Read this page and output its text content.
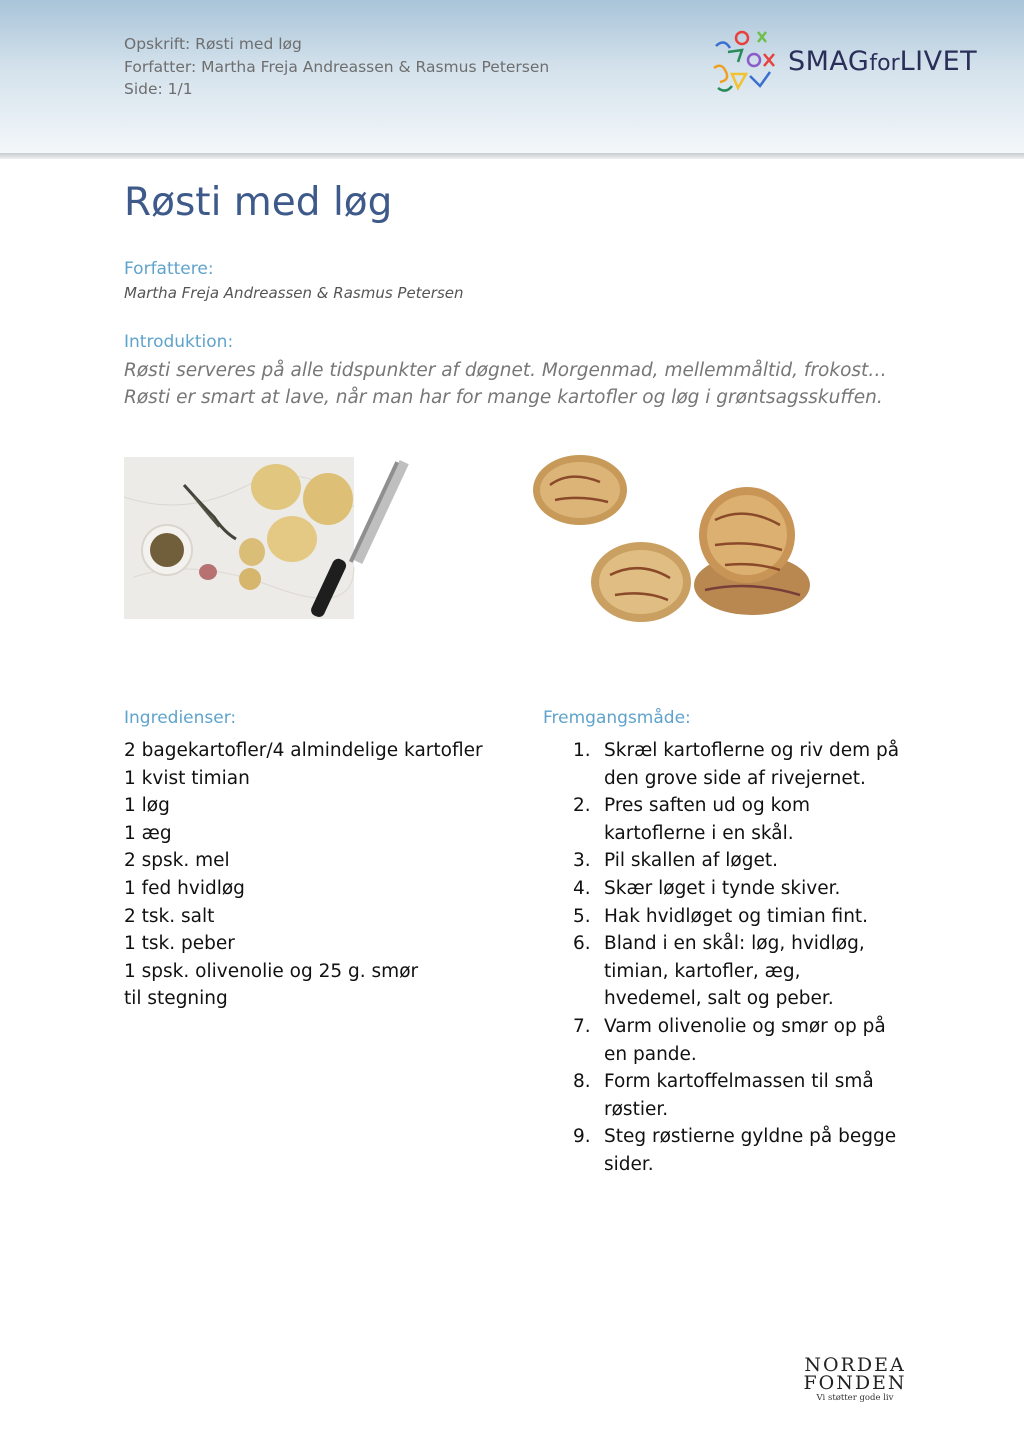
Opskrift: Røsti med løg
Forfatter: Martha Freja Andreassen & Rasmus Petersen
Side: 1/1
SMAGforLIVET
Røsti med løg
Forfattere:
Martha Freja Andreassen & Rasmus Petersen
Introduktion:
Røsti serveres på alle tidspunkter af døgnet. Morgenmad, mellemmåltid, frokost… Røsti er smart at lave, når man har for mange kartofler og løg i grøntsagsskuffen.
Ingredienser:
2 bagekartofler/4 almindelige kartofler
1 kvist timian
1 løg
1 æg
2 spsk. mel
1 fed hvidløg
2 tsk. salt
1 tsk. peber
1 spsk. olivenolie og 25 g. smør til stegning
Fremgangsmåde:
1. Skræl kartoflerne og riv dem på den grove side af rivejernet.
2. Pres saften ud og kom kartoflerne i en skål.
3. Pil skallen af løget.
4. Skær løget i tynde skiver.
5. Hak hvidløget og timian fint.
6. Bland i en skål: løg, hvidløg, timian, kartofler, æg, hvedemel, salt og peber.
7. Varm olivenolie og smør op på en pande.
8. Form kartoffelmassen til små røstier.
9. Steg røstierne gyldne på begge sider.
NORDEA
FONDEN
Vi støtter gode liv
